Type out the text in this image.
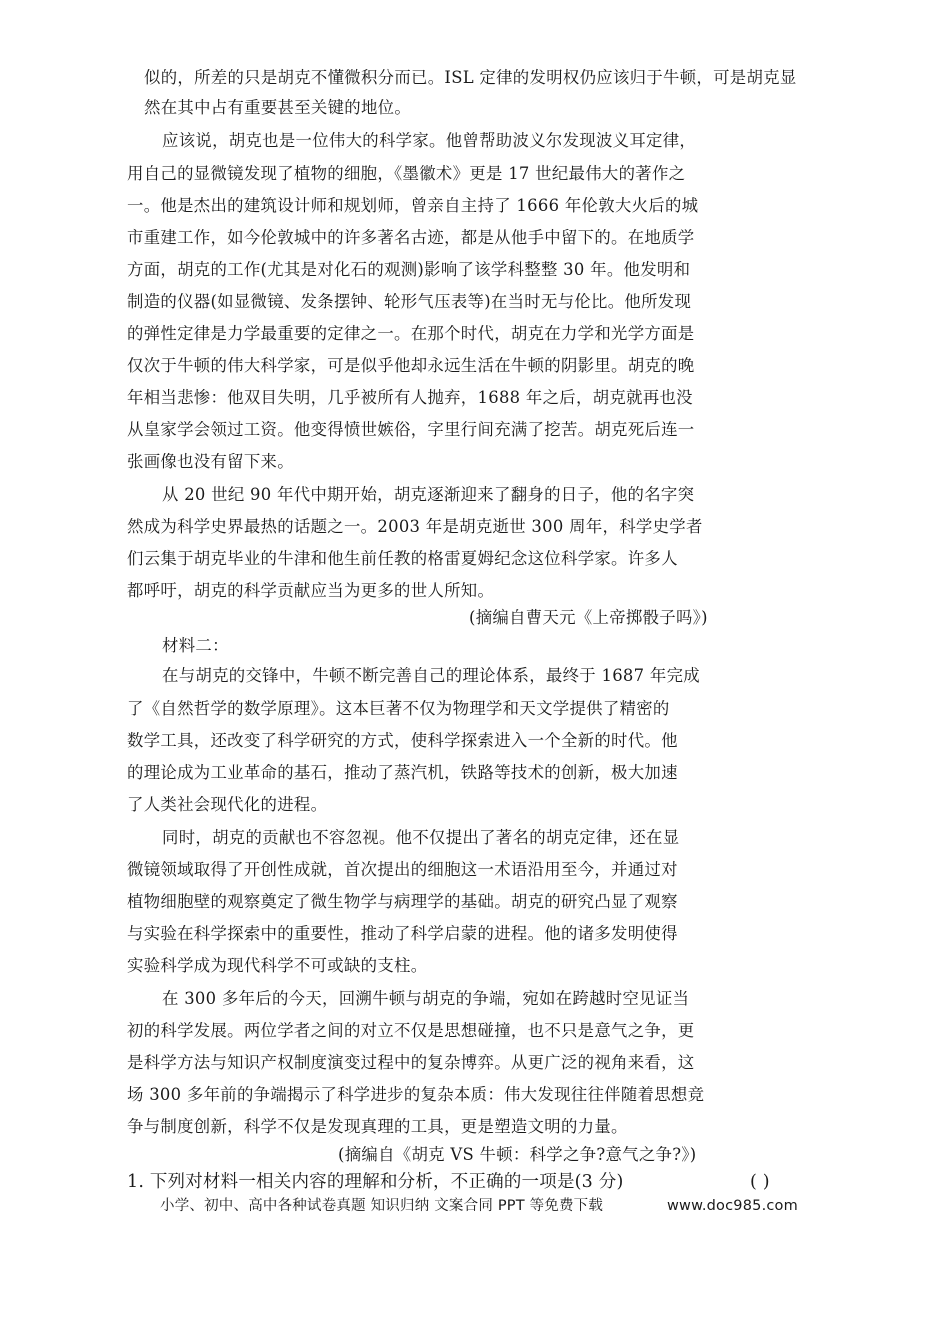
似的，所差的只是胡克不懂微积分而已。ISL 定律的发明权仍应该归于牛顿，可是胡克显
然在其中占有重要甚至关键的地位。
应该说，胡克也是一位伟大的科学家。他曾帮助波义尔发现波义耳定律，
用自己的显微镜发现了植物的细胞，《墨徽术》更是 17 世纪最伟大的著作之
一。他是杰出的建筑设计师和规划师，曾亲自主持了 1666 年伦敦大火后的城
市重建工作，如今伦敦城中的许多著名古迹，都是从他手中留下的。在地质学
方面，胡克的工作(尤其是对化石的观测)影响了该学科整整 30 年。他发明和
制造的仪器(如显微镜、发条摆钟、轮形气压表等)在当时无与伦比。他所发现
的弹性定律是力学最重要的定律之一。在那个时代，胡克在力学和光学方面是
仅次于牛顿的伟大科学家，可是似乎他却永远生活在牛顿的阴影里。胡克的晚
年相当悲惨：他双目失明，几乎被所有人抛弃，1688 年之后，胡克就再也没
从皇家学会领过工资。他变得愤世嫉俗，字里行间充满了挖苦。胡克死后连一
张画像也没有留下来。
从 20 世纪 90 年代中期开始，胡克逐渐迎来了翻身的日子，他的名字突
然成为科学史界最热的话题之一。2003 年是胡克逝世 300 周年，科学史学者
们云集于胡克毕业的牛津和他生前任教的格雷夏姆纪念这位科学家。许多人
都呼吁，胡克的科学贡献应当为更多的世人所知。
(摘编自曹天元《上帝掷骰子吗》)
材料二：
在与胡克的交锋中，牛顿不断完善自己的理论体系，最终于 1687 年完成
了《自然哲学的数学原理》。这本巨著不仅为物理学和天文学提供了精密的
数学工具，还改变了科学研究的方式，使科学探索进入一个全新的时代。他
的理论成为工业革命的基石，推动了蒸汽机，铁路等技术的创新，极大加速
了人类社会现代化的进程。
同时，胡克的贡献也不容忽视。他不仅提出了著名的胡克定律，还在显
微镜领域取得了开创性成就，首次提出的细胞这一术语沿用至今，并通过对
植物细胞壁的观察奠定了微生物学与病理学的基础。胡克的研究凸显了观察
与实验在科学探索中的重要性，推动了科学启蒙的进程。他的诸多发明使得
实验科学成为现代科学不可或缺的支柱。
在 300 多年后的今天，回溯牛顿与胡克的争端，宛如在跨越时空见证当
初的科学发展。两位学者之间的对立不仅是思想碰撞，也不只是意气之争，更
是科学方法与知识产权制度演变过程中的复杂博弈。从更广泛的视角来看，这
场 300 多年前的争端揭示了科学进步的复杂本质：伟大发现往往伴随着思想竞
争与制度创新，科学不仅是发现真理的工具，更是塑造文明的力量。
(摘编自《胡克 VS 牛顿：科学之争?意气之争?》)
1. 下列对材料一相关内容的理解和分析，不正确的一项是(3 分)	( )
小学、初中、高中各种试卷真题 知识归纳 文案合同 PPT 等免费下载	www.doc985.com
